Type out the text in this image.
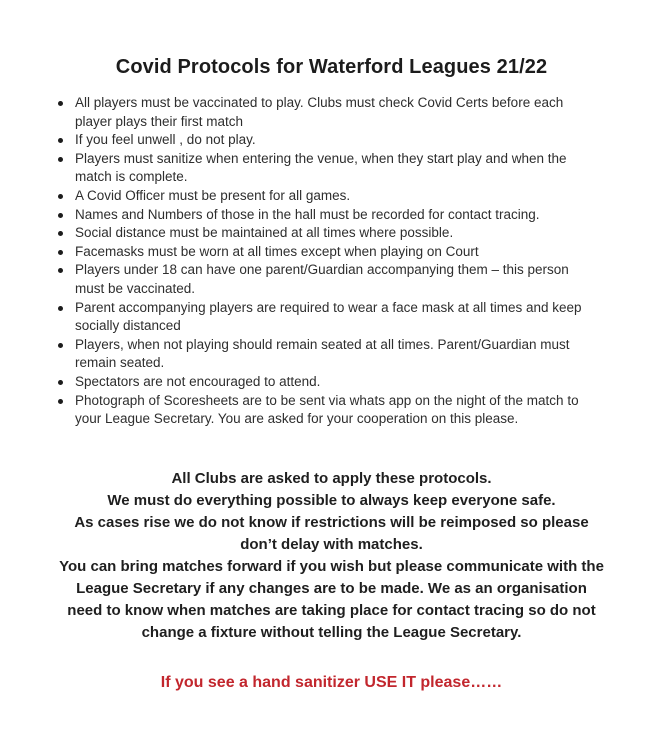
Covid Protocols for Waterford Leagues 21/22
All players must be vaccinated to play. Clubs must check Covid Certs before each player plays their first match
If you feel unwell , do not play.
Players must sanitize when entering the venue, when they start play and when the match is complete.
A Covid Officer must be present for all games.
Names and Numbers of those in the hall must be recorded for contact tracing.
Social distance must be maintained at all times where possible.
Facemasks must be worn at all times except when playing on Court
Players under 18 can have one parent/Guardian accompanying them – this person must be vaccinated.
Parent accompanying players are required to wear a face mask at all times and keep socially distanced
Players, when not playing should remain seated at all times. Parent/Guardian must remain seated.
Spectators are not encouraged to attend.
Photograph of Scoresheets are to be sent via whats app on the night of the match to your League Secretary. You are asked for your cooperation on this please.

All Clubs are asked to apply these protocols.

We must do everything possible to always keep everyone safe.

As cases rise we do not know if restrictions will be reimposed so please don’t delay with matches.

You can bring matches forward if you wish but please communicate with the League Secretary if any changes are to be made. We as an organisation need to know when matches are taking place for contact tracing so do not change a fixture without telling the League Secretary.

If you see a hand sanitizer USE IT please……
